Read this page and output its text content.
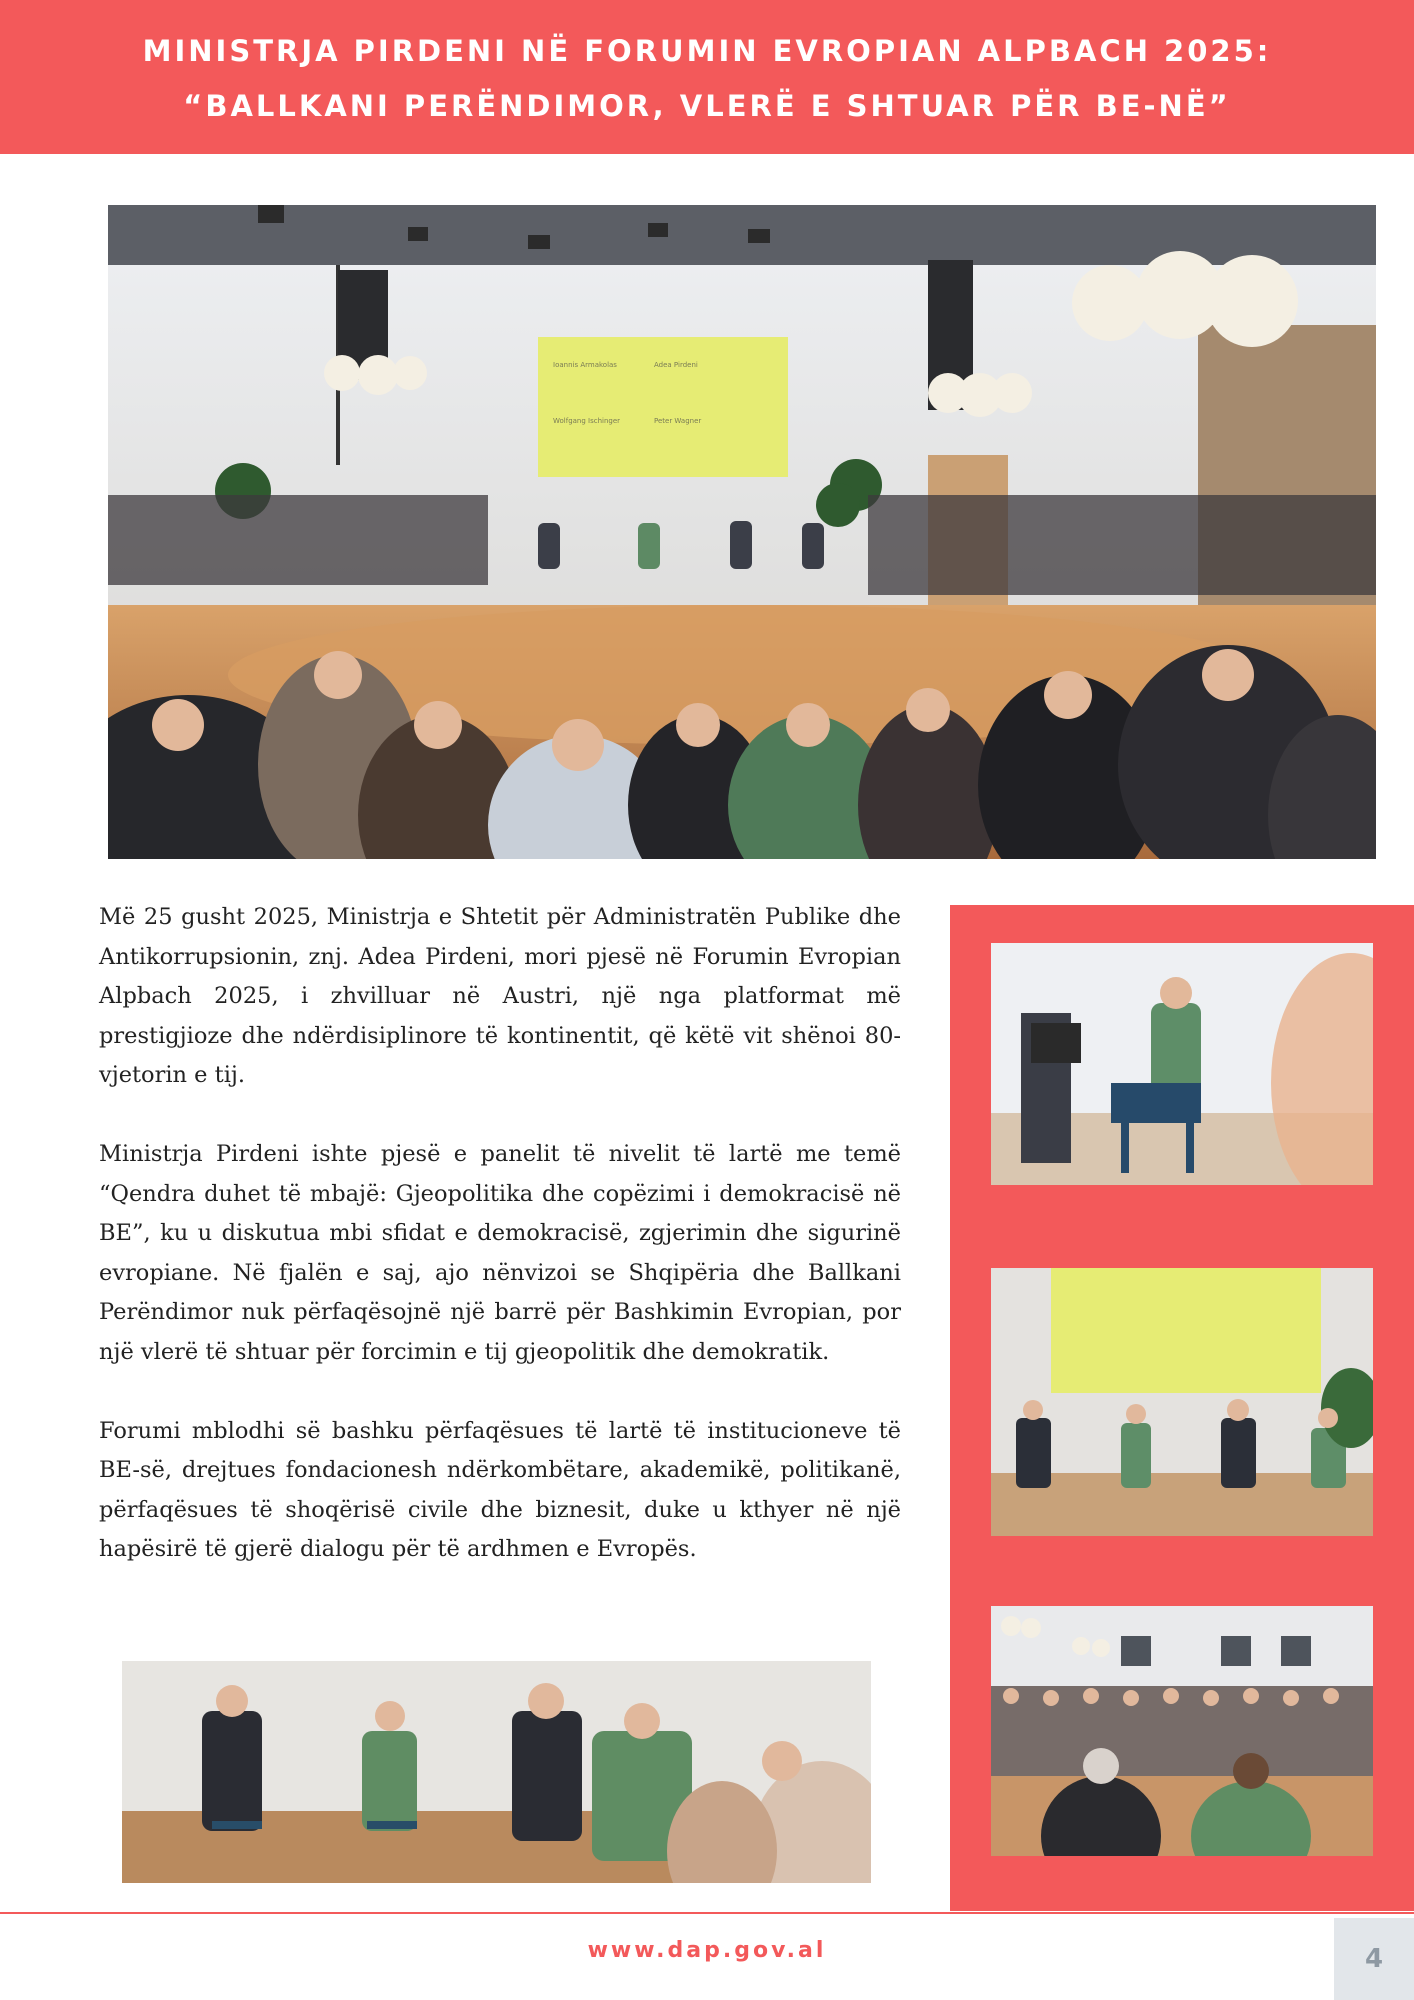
MINISTRJA PIRDENI NË FORUMIN EVROPIAN ALPBACH 2025:
“BALLKANI PERËNDIMOR, VLERË E SHTUAR PËR BE-NË”
Ioannis Armakolas	Adea Pirdeni
Wolfgang Ischinger	Peter Wagner

Më 25 gusht 2025, Ministrja e Shtetit për Administratën Publike dhe Antikorrupsionin, znj. Adea Pirdeni, mori pjesë në Forumin Evropian Alpbach 2025, i zhvilluar në Austri, një nga platformat më prestigjioze dhe ndërdisiplinore të kontinentit, që këtë vit shënoi 80-vjetorin e tij.

Ministrja Pirdeni ishte pjesë e panelit të nivelit të lartë me temë “Qendra duhet të mbajë: Gjeopolitika dhe copëzimi i demokracisë në BE”, ku u diskutua mbi sfidat e demokracisë, zgjerimin dhe sigurinë evropiane. Në fjalën e saj, ajo nënvizoi se Shqipëria dhe Ballkani Perëndimor nuk përfaqësojnë një barrë për Bashkimin Evropian, por një vlerë të shtuar për forcimin e tij gjeopolitik dhe demokratik.

Forumi mblodhi së bashku përfaqësues të lartë të institucioneve të BE-së, drejtues fondacionesh ndërkombëtare, akademikë, politikanë, përfaqësues të shoqërisë civile dhe biznesit, duke u kthyer në një hapësirë të gjerë dialogu për të ardhmen e Evropës.

www.dap.gov.al	4
